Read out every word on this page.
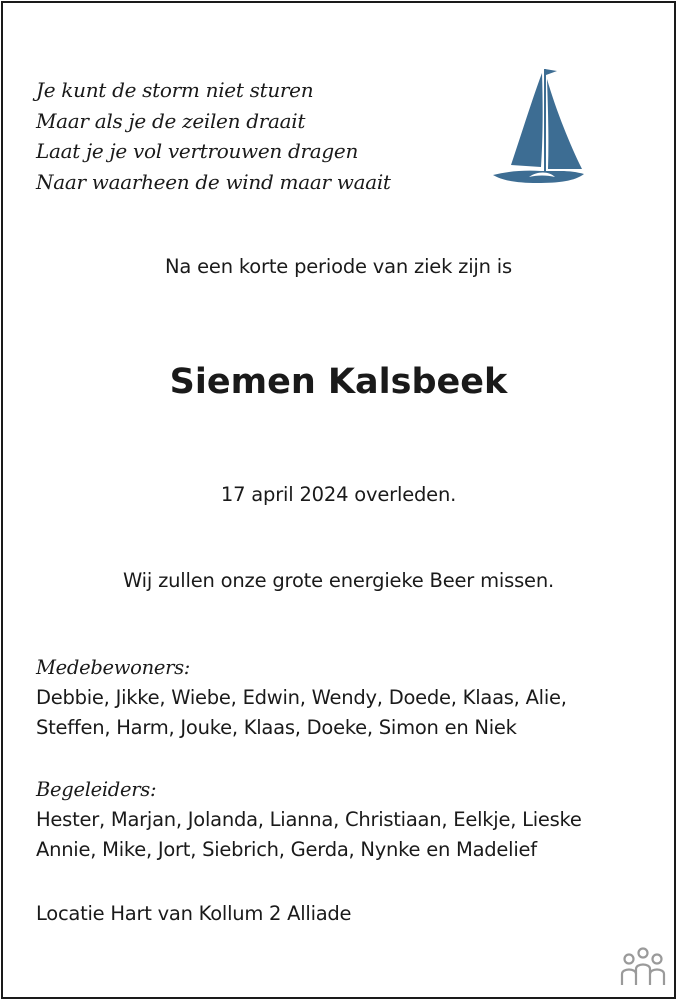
Je kunt de storm niet sturen
Maar als je de zeilen draait
Laat je je vol vertrouwen dragen
Naar waarheen de wind maar waait
Na een korte periode van ziek zijn is
Siemen Kalsbeek
17 april 2024 overleden.
Wij zullen onze grote energieke Beer missen.
Medebewoners:
Debbie, Jikke, Wiebe, Edwin, Wendy, Doede, Klaas, Alie,
Steffen, Harm, Jouke, Klaas, Doeke, Simon en Niek
Begeleiders:
Hester, Marjan, Jolanda, Lianna, Christiaan, Eelkje, Lieske
Annie, Mike, Jort, Siebrich, Gerda, Nynke en Madelief
Locatie Hart van Kollum 2 Alliade
